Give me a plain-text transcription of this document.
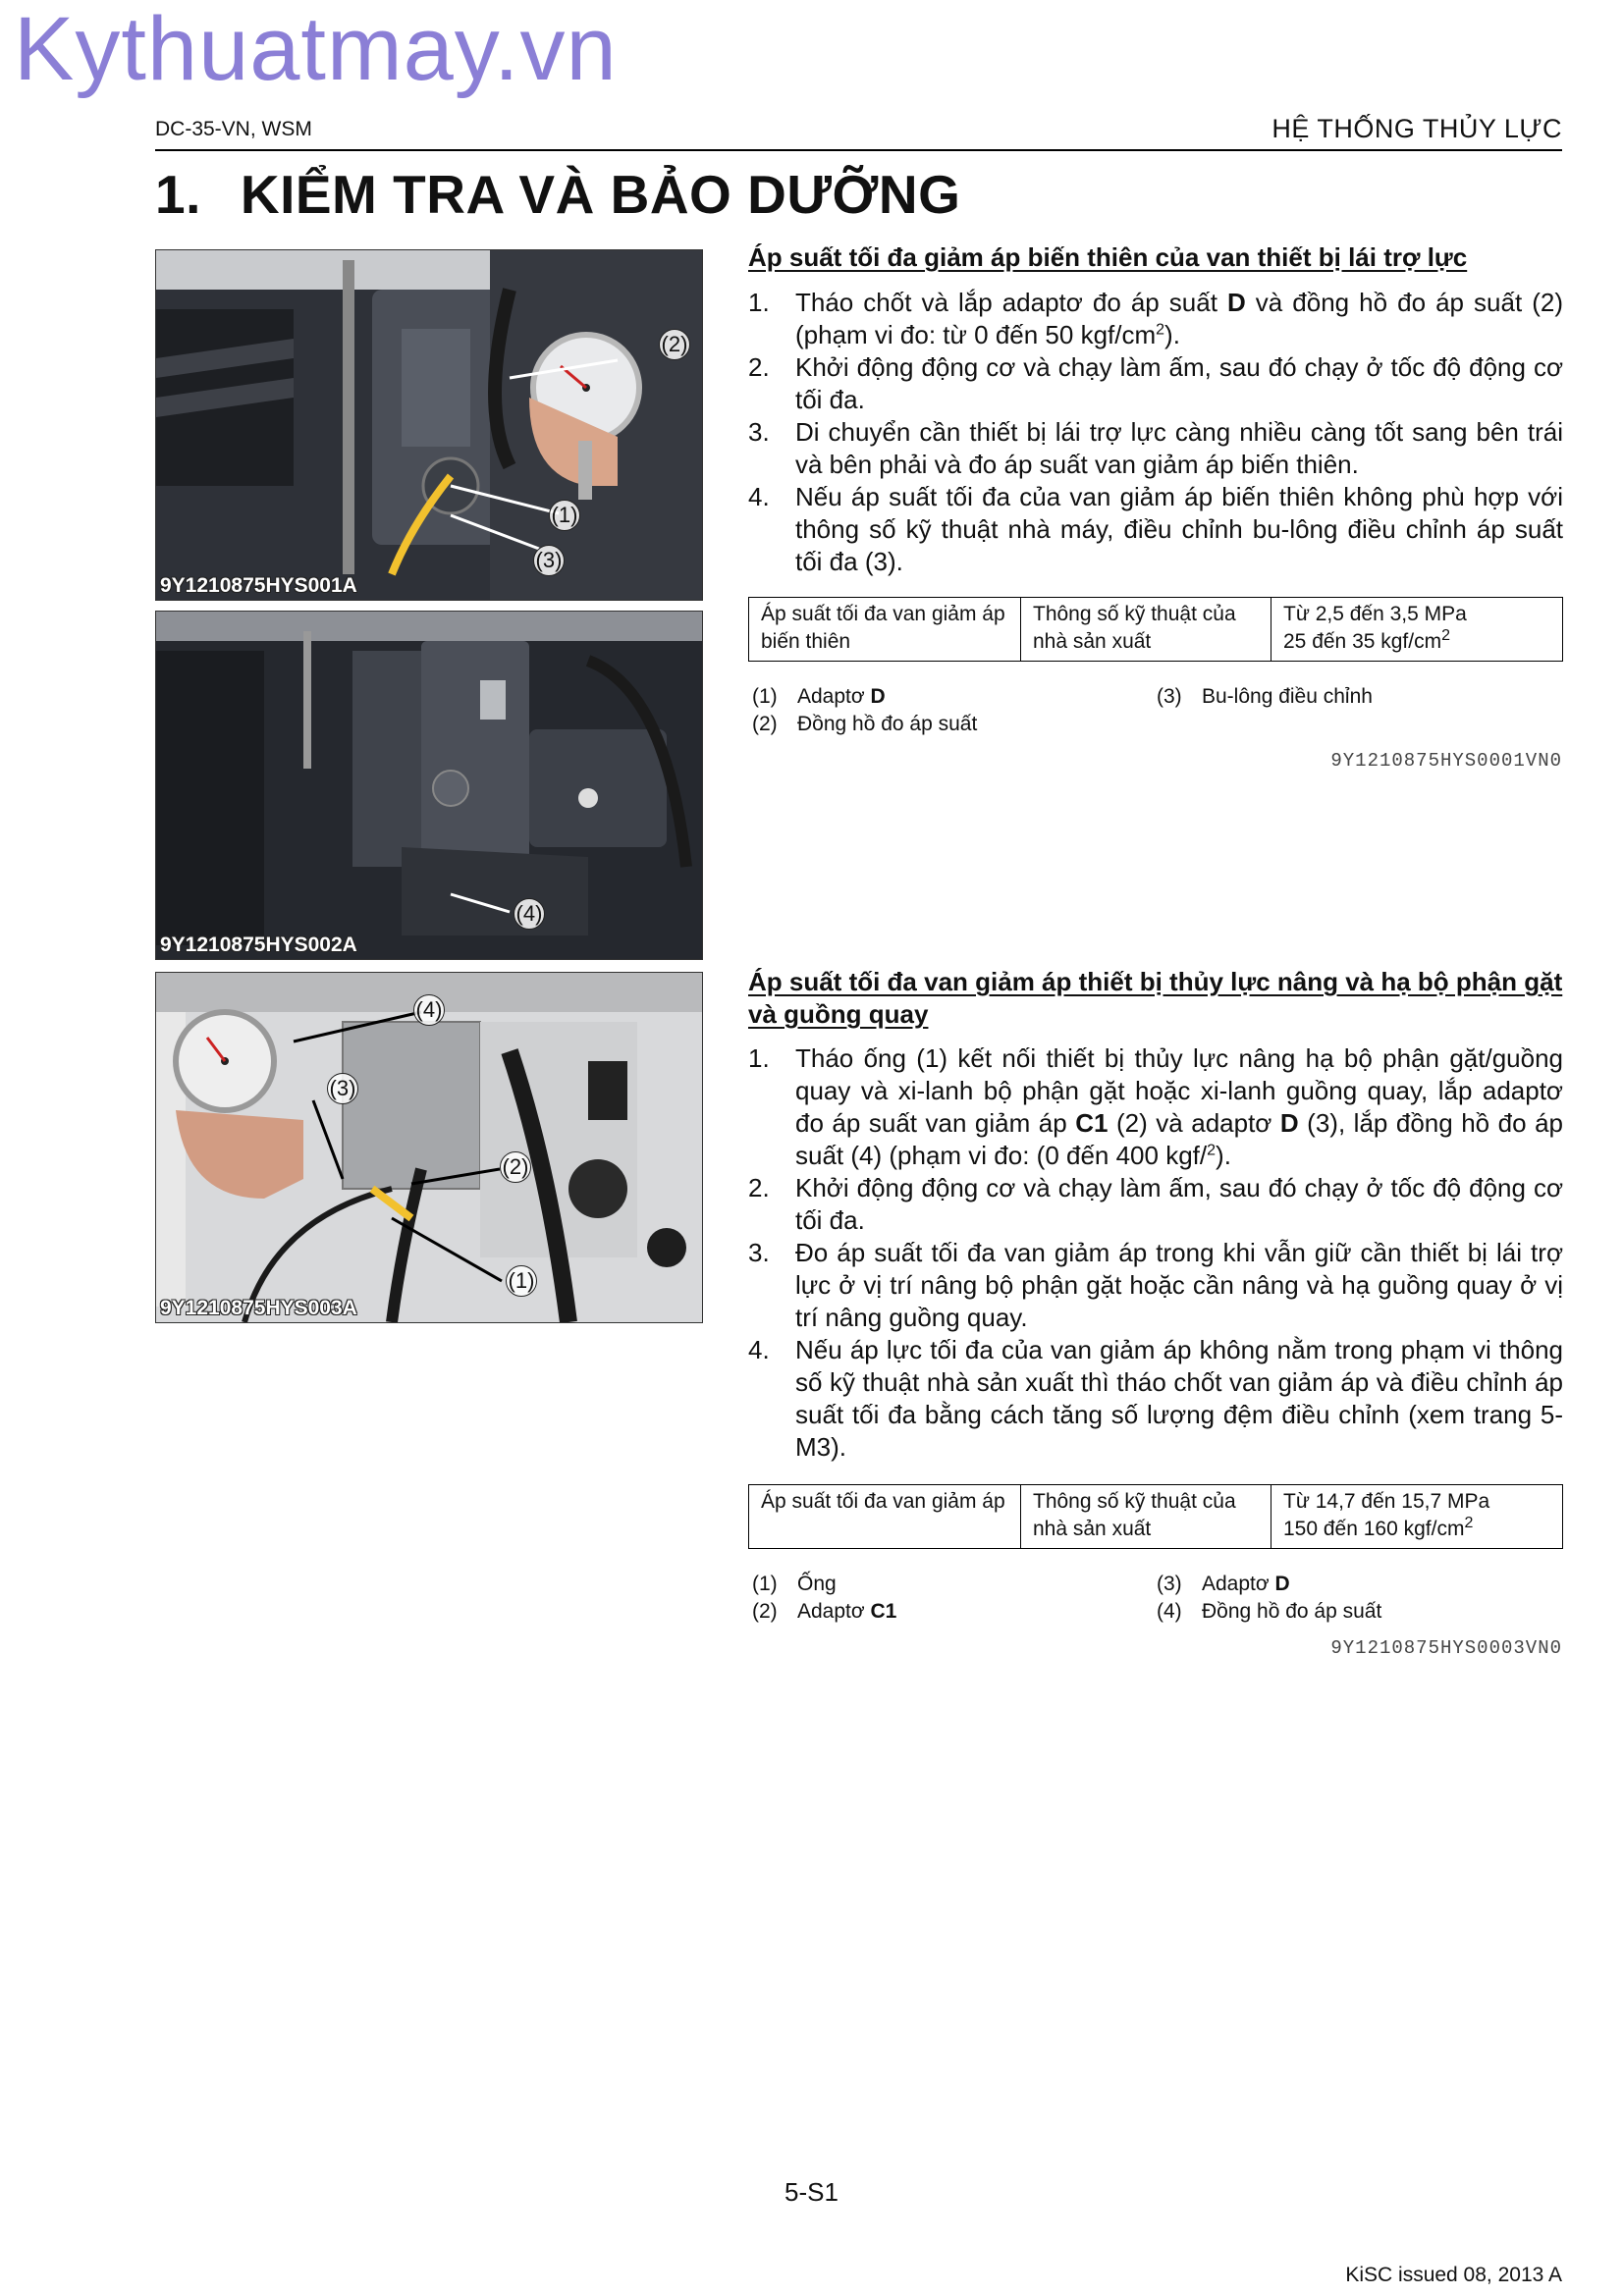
Kythuatmay.vn
DC-35-VN, WSM	HỆ THỐNG THỦY LỰC
1. KIỂM TRA VÀ BẢO DƯỠNG
(2)
(1)
(3)
9Y1210875HYS001A
(4)
9Y1210875HYS002A
(4)
(3)
(2)
(1)
9Y1210875HYS003A
Áp suất tối đa giảm áp biến thiên của van thiết bị lái trợ lực
1. Tháo chốt và lắp adaptơ đo áp suất D và đồng hồ đo áp suất (2) (phạm vi đo: từ 0 đến 50 kgf/$cm^2$).
2. Khởi động động cơ và chạy làm ấm, sau đó chạy ở tốc độ động cơ tối đa.
3. Di chuyển cần thiết bị lái trợ lực càng nhiều càng tốt sang bên trái và bên phải và đo áp suất van giảm áp biến thiên.
4. Nếu áp suất tối đa của van giảm áp biến thiên không phù hợp với thông số kỹ thuật nhà máy, điều chỉnh bu-lông điều chỉnh áp suất tối đa (3).
Áp suất tối đa van giảm áp biến thiên	Thông số kỹ thuật của nhà sản xuất	Từ 2,5 đến 3,5 MPa
25 đến 35 kgf/$cm^2$
(1) Adaptơ D
(2) Đồng hồ đo áp suất
(3) Bu-lông điều chỉnh
9Y1210875HYS0001VN0
Áp suất tối đa van giảm áp thiết bị thủy lực nâng và hạ bộ phận gặt và guồng quay
1. Tháo ống (1) kết nối thiết bị thủy lực nâng hạ bộ phận gặt/guồng quay và xi-lanh bộ phận gặt hoặc xi-lanh guồng quay, lắp adaptơ đo áp suất van giảm áp C1 (2) và adaptơ D (3), lắp đồng hồ đo áp suất (4) (phạm vi đo: (0 đến 400 kgf/$^2$).
2. Khởi động động cơ và chạy làm ấm, sau đó chạy ở tốc độ động cơ tối đa.
3. Đo áp suất tối đa van giảm áp trong khi vẫn giữ cần thiết bị lái trợ lực ở vị trí nâng bộ phận gặt hoặc cần nâng và hạ guồng quay ở vị trí nâng guồng quay.
4. Nếu áp lực tối đa của van giảm áp không nằm trong phạm vi thông số kỹ thuật nhà sản xuất thì tháo chốt van giảm áp và điều chỉnh áp suất tối đa bằng cách tăng số lượng đệm điều chỉnh (xem trang 5-M3).
Áp suất tối đa van giảm áp	Thông số kỹ thuật của nhà sản xuất	Từ 14,7 đến 15,7 MPa
150 đến 160 kgf/$cm^2$
(1) Ống
(2) Adaptơ C1
(3) Adaptơ D
(4) Đồng hồ đo áp suất
9Y1210875HYS0003VN0
5-S1
KiSC issued 08, 2013 A
